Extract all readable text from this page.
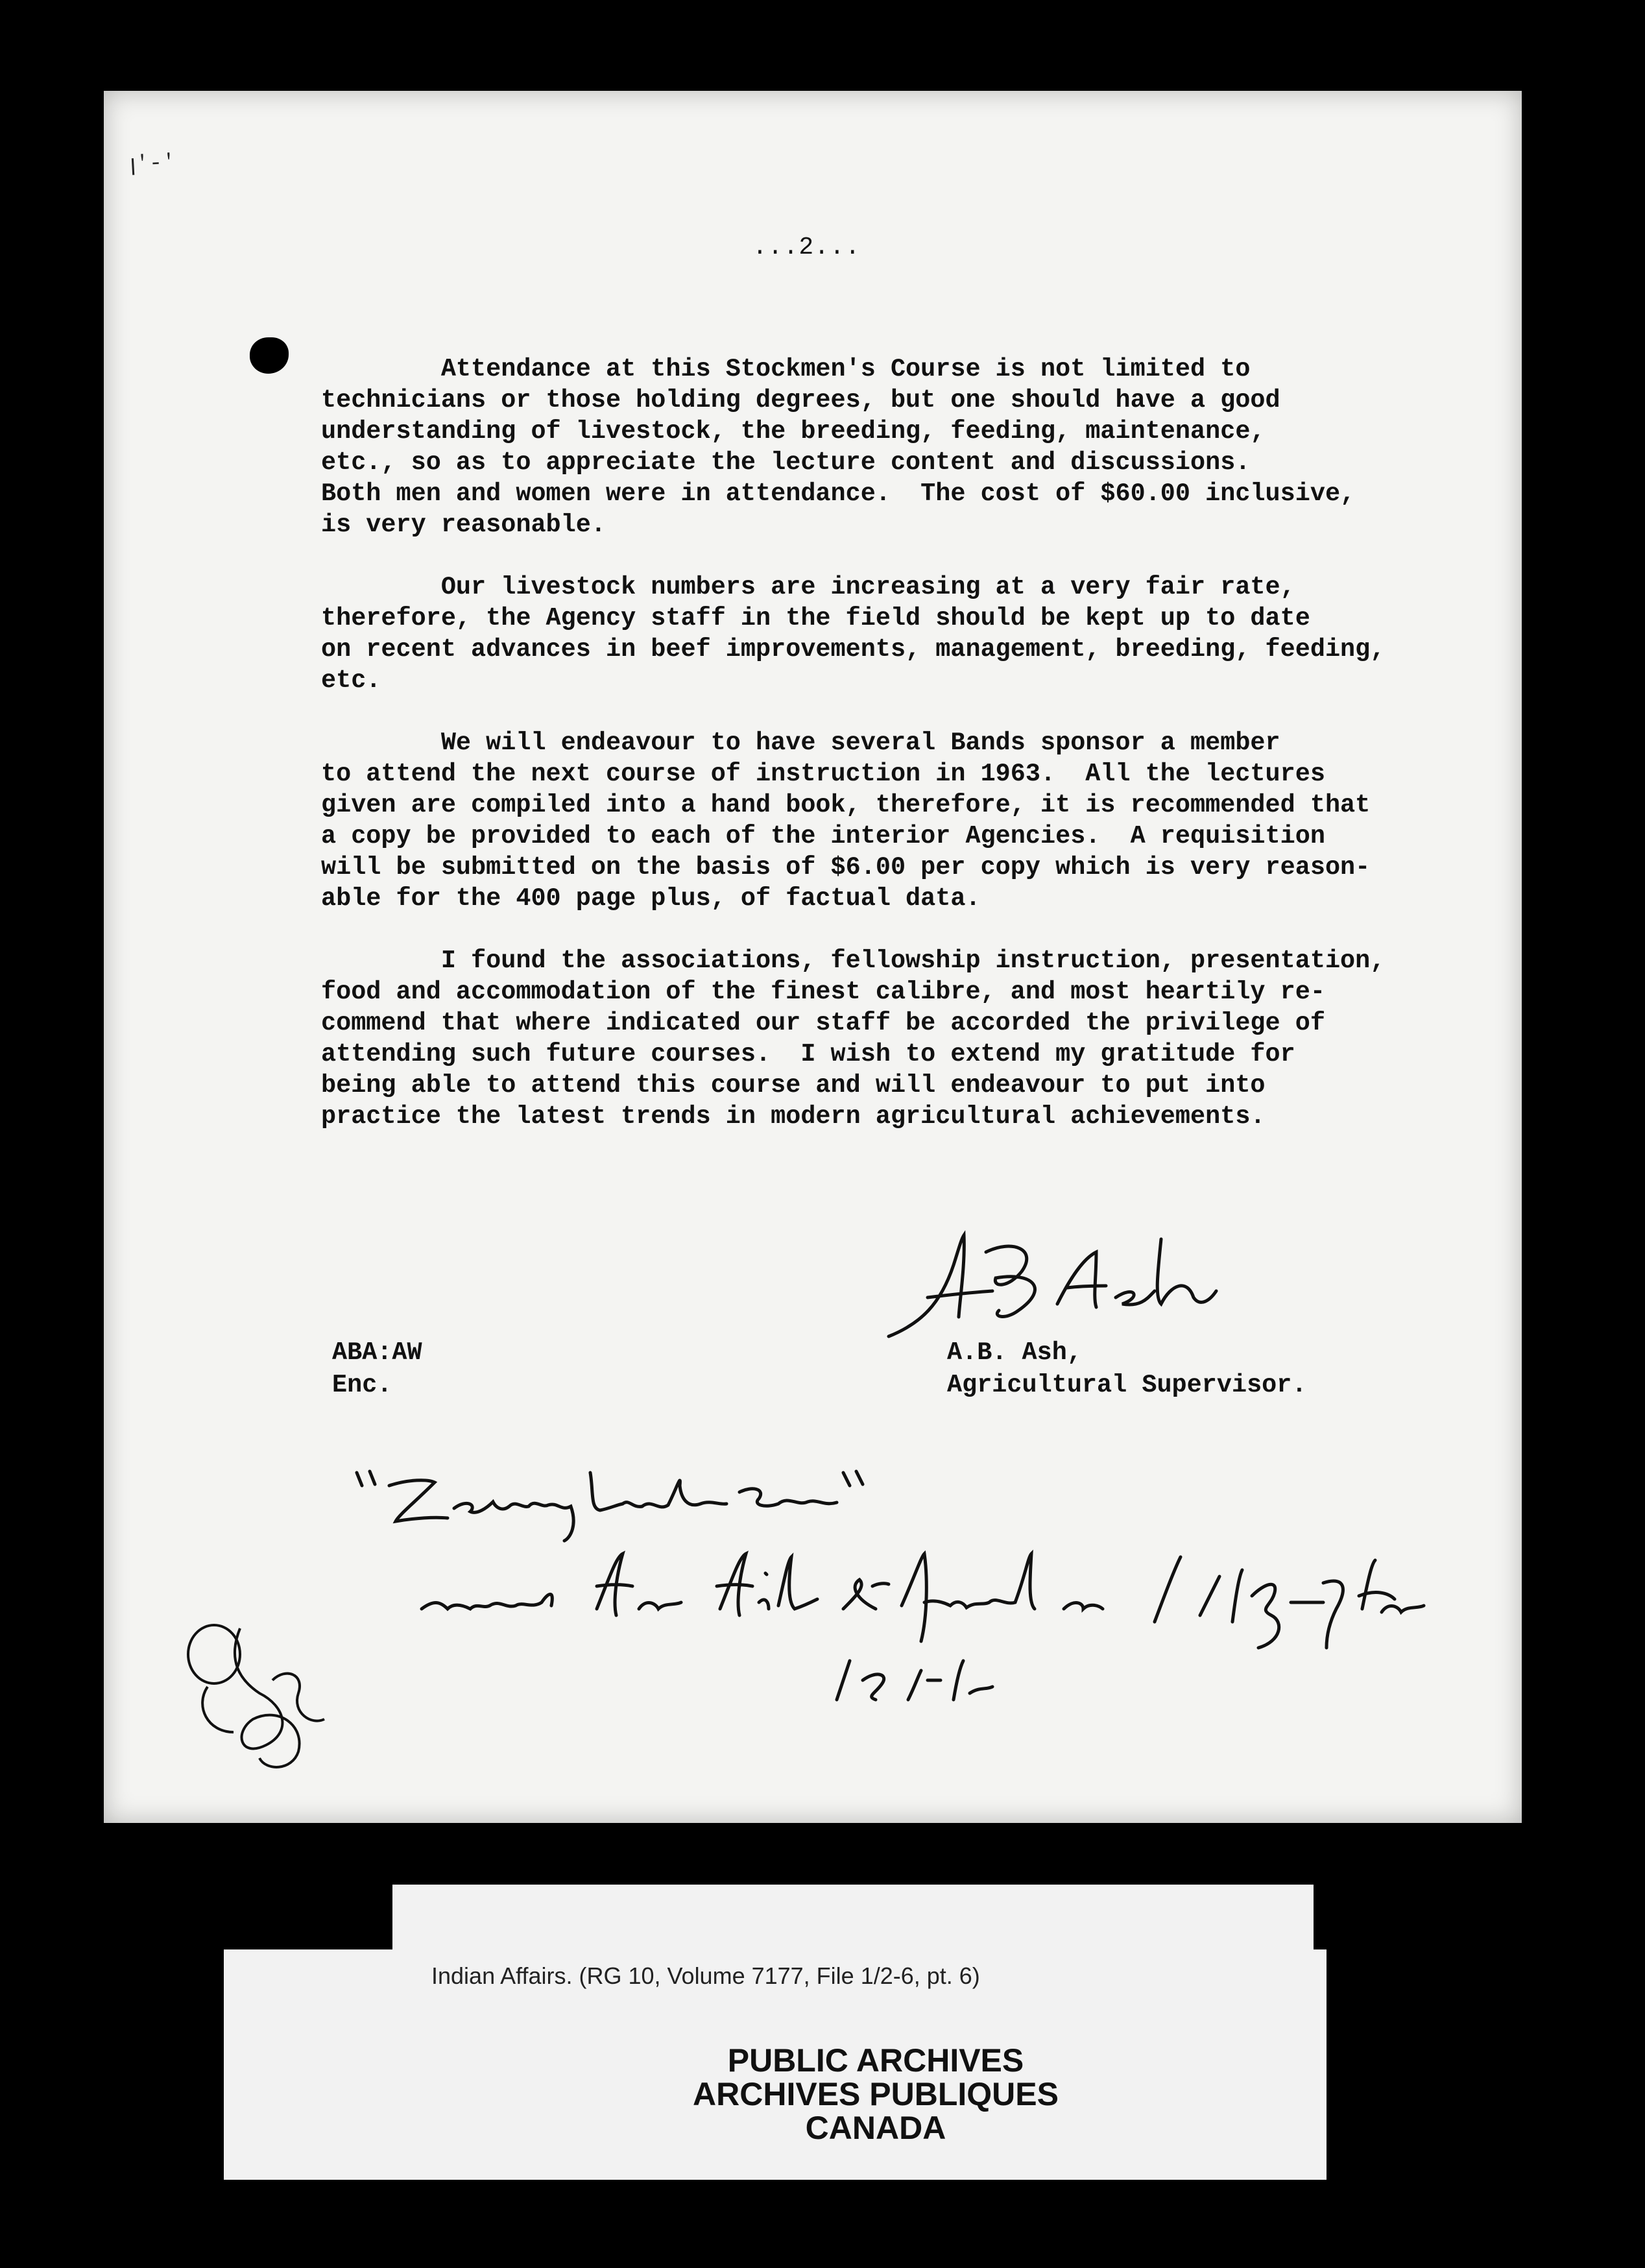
ꞁꞌ-ꞌ
...2...
Attendance at this Stockmen's Course is not limited to
technicians or those holding degrees, but one should have a good
understanding of livestock, the breeding, feeding, maintenance,
etc., so as to appreciate the lecture content and discussions.
Both men and women were in attendance.  The cost of $60.00 inclusive,
is very reasonable.
Our livestock numbers are increasing at a very fair rate,
therefore, the Agency staff in the field should be kept up to date
on recent advances in beef improvements, management, breeding, feeding,
etc.
We will endeavour to have several Bands sponsor a member
to attend the next course of instruction in 1963.  All the lectures
given are compiled into a hand book, therefore, it is recommended that
a copy be provided to each of the interior Agencies.  A requisition
will be submitted on the basis of $6.00 per copy which is very reason-
able for the 400 page plus, of factual data.
I found the associations, fellowship instruction, presentation,
food and accommodation of the finest calibre, and most heartily re-
commend that where indicated our staff be accorded the privilege of
attending such future courses.  I wish to extend my gratitude for
being able to attend this course and will endeavour to put into
practice the latest trends in modern agricultural achievements.
ABA:AW
Enc.
A.B. Ash,
Agricultural Supervisor.
Indian Affairs. (RG 10, Volume 7177, File 1/2-6, pt. 6)
PUBLIC ARCHIVES
ARCHIVES PUBLIQUES
CANADA
